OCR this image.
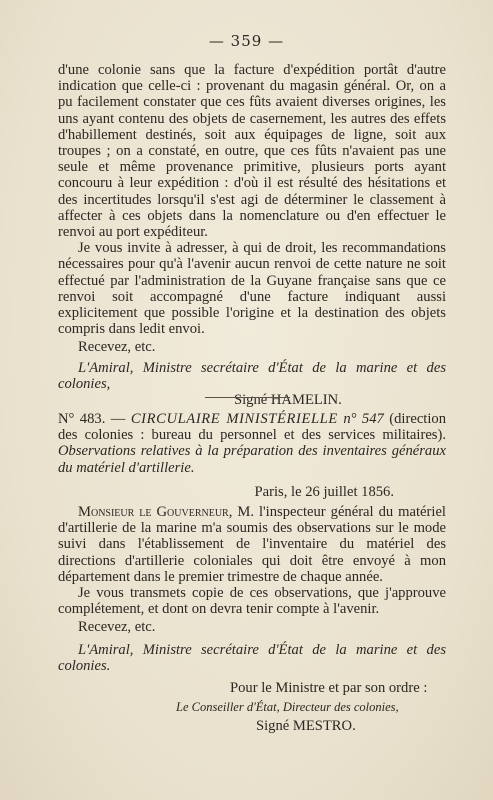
— 359 —

d'une colonie sans que la facture d'expédition portât d'autre indication que celle-ci : provenant du magasin général. Or, on a pu facilement constater que ces fûts avaient diverses origines, les uns ayant contenu des objets de casernement, les autres des effets d'habillement destinés, soit aux équipages de ligne, soit aux troupes ; on a constaté, en outre, que ces fûts n'avaient pas une seule et même provenance primitive, plusieurs ports ayant concouru à leur expédition : d'où il est résulté des hésitations et des incertitudes lorsqu'il s'est agi de déterminer le classement à affecter à ces objets dans la nomenclature ou d'en effectuer le renvoi au port expéditeur.

Je vous invite à adresser, à qui de droit, les recommandations nécessaires pour qu'à l'avenir aucun renvoi de cette nature ne soit effectué par l'administration de la Guyane française sans que ce renvoi soit accompagné d'une facture indiquant aussi explicitement que possible l'origine et la destination des objets compris dans ledit envoi.

Recevez, etc.

L'Amiral, Ministre secrétaire d'État de la marine et des colonies,

Signé HAMELIN.

N° 483. — CIRCULAIRE MINISTÉRIELLE n° 547 (direction des colonies : bureau du personnel et des services militaires). Observations relatives à la préparation des inventaires généraux du matériel d'artillerie.

Paris, le 26 juillet 1856.

Monsieur le Gouverneur, M. l'inspecteur général du matériel d'artillerie de la marine m'a soumis des observations sur le mode suivi dans l'établissement de l'inventaire du matériel des directions d'artillerie coloniales qui doit être envoyé à mon département dans le premier trimestre de chaque année.

Je vous transmets copie de ces observations, que j'approuve complétement, et dont on devra tenir compte à l'avenir.

Recevez, etc.

L'Amiral, Ministre secrétaire d'État de la marine et des colonies.

Pour le Ministre et par son ordre :

Le Conseiller d'État, Directeur des colonies,

Signé MESTRO.
